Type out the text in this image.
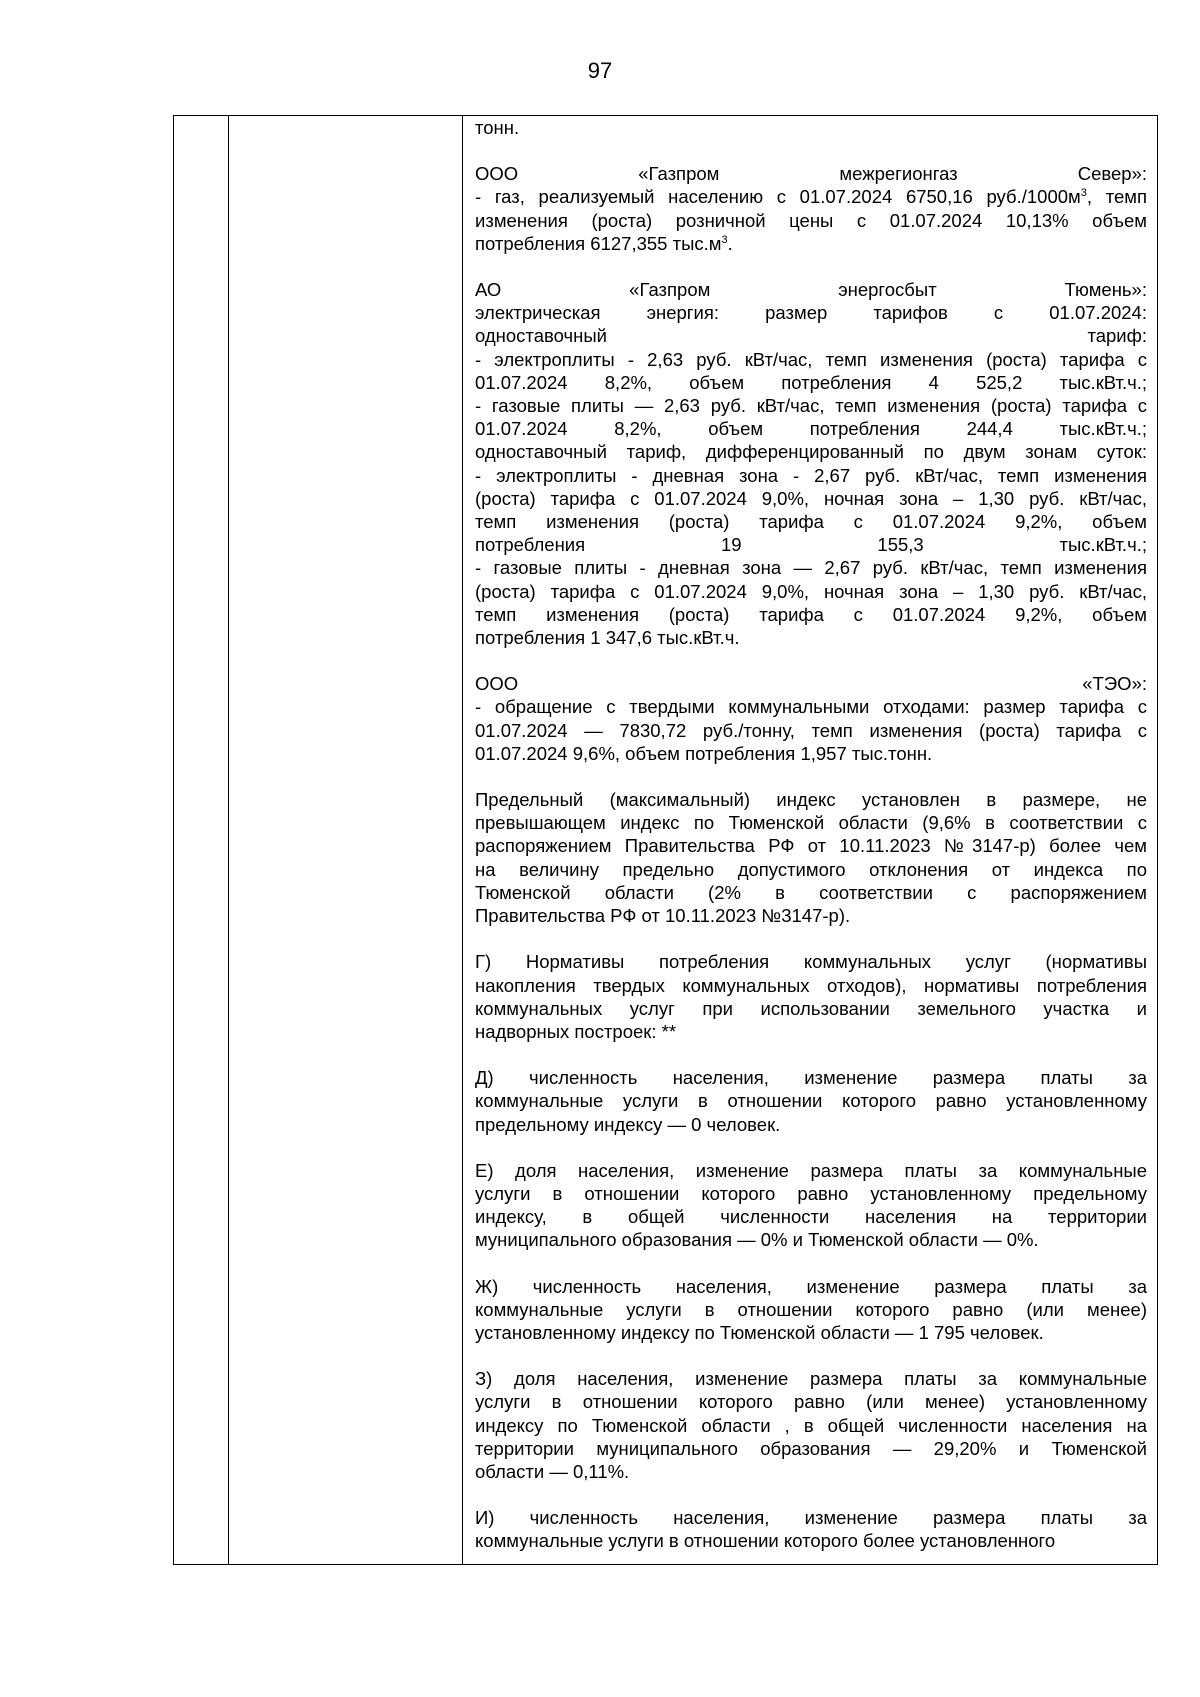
97

тонн.

ООО «Газпром межрегионгаз Север»:
- газ, реализуемый населению с 01.07.2024 6750,16 $руб./1000м^3$, темп
изменения (роста) розничной цены с 01.07.2024 10,13% объем
потребления 6127,355 $тыс.м^3$.

АО «Газпром энергосбыт Тюмень»:
электрическая энергия: размер тарифов с 01.07.2024:
одноставочный тариф:
- электроплиты - 2,63 руб. кВт/час, темп изменения (роста) тарифа с
01.07.2024 8,2%, объем потребления 4 525,2 тыс.кВт.ч.;
- газовые плиты — 2,63 руб. кВт/час, темп изменения (роста) тарифа с
01.07.2024 8,2%, объем потребления 244,4 тыс.кВт.ч.;
одноставочный тариф, дифференцированный по двум зонам суток:
- электроплиты - дневная зона - 2,67 руб. кВт/час, темп изменения
(роста) тарифа с 01.07.2024 9,0%, ночная зона – 1,30 руб. кВт/час,
темп изменения (роста) тарифа с 01.07.2024 9,2%, объем
потребления 19 155,3 тыс.кВт.ч.;
- газовые плиты - дневная зона — 2,67 руб. кВт/час, темп изменения
(роста) тарифа с 01.07.2024 9,0%, ночная зона – 1,30 руб. кВт/час,
темп изменения (роста) тарифа с 01.07.2024 9,2%, объем
потребления 1 347,6 тыс.кВт.ч.

ООО «ТЭО»:
- обращение с твердыми коммунальными отходами: размер тарифа с
01.07.2024 — 7830,72 руб./тонну, темп изменения (роста) тарифа с
01.07.2024 9,6%, объем потребления 1,957 тыс.тонн.

Предельный (максимальный) индекс установлен в размере, не
превышающем индекс по Тюменской области (9,6% в соответствии с
распоряжением Правительства РФ от 10.11.2023 №3147-р) более чем
на величину предельно допустимого отклонения от индекса по
Тюменской области (2% в соответствии с распоряжением
Правительства РФ от 10.11.2023 №3147-р).

Г) Нормативы потребления коммунальных услуг (нормативы
накопления твердых коммунальных отходов), нормативы потребления
коммунальных услуг при использовании земельного участка и
надворных построек: **

Д) численность населения, изменение размера платы за
коммунальные услуги в отношении которого равно установленному
предельному индексу — 0 человек.

Е) доля населения, изменение размера платы за коммунальные
услуги в отношении которого равно установленному предельному
индексу, в общей численности населения на территории
муниципального образования — 0% и Тюменской области — 0%.

Ж) численность населения, изменение размера платы за
коммунальные услуги в отношении которого равно (или менее)
установленному индексу по Тюменской области — 1 795 человек.

З) доля населения, изменение размера платы за коммунальные
услуги в отношении которого равно (или менее) установленному
индексу по Тюменской области , в общей численности населения на
территории муниципального образования — 29,20% и Тюменской
области — 0,11%.

И) численность населения, изменение размера платы за
коммунальные услуги в отношении которого более установленного
